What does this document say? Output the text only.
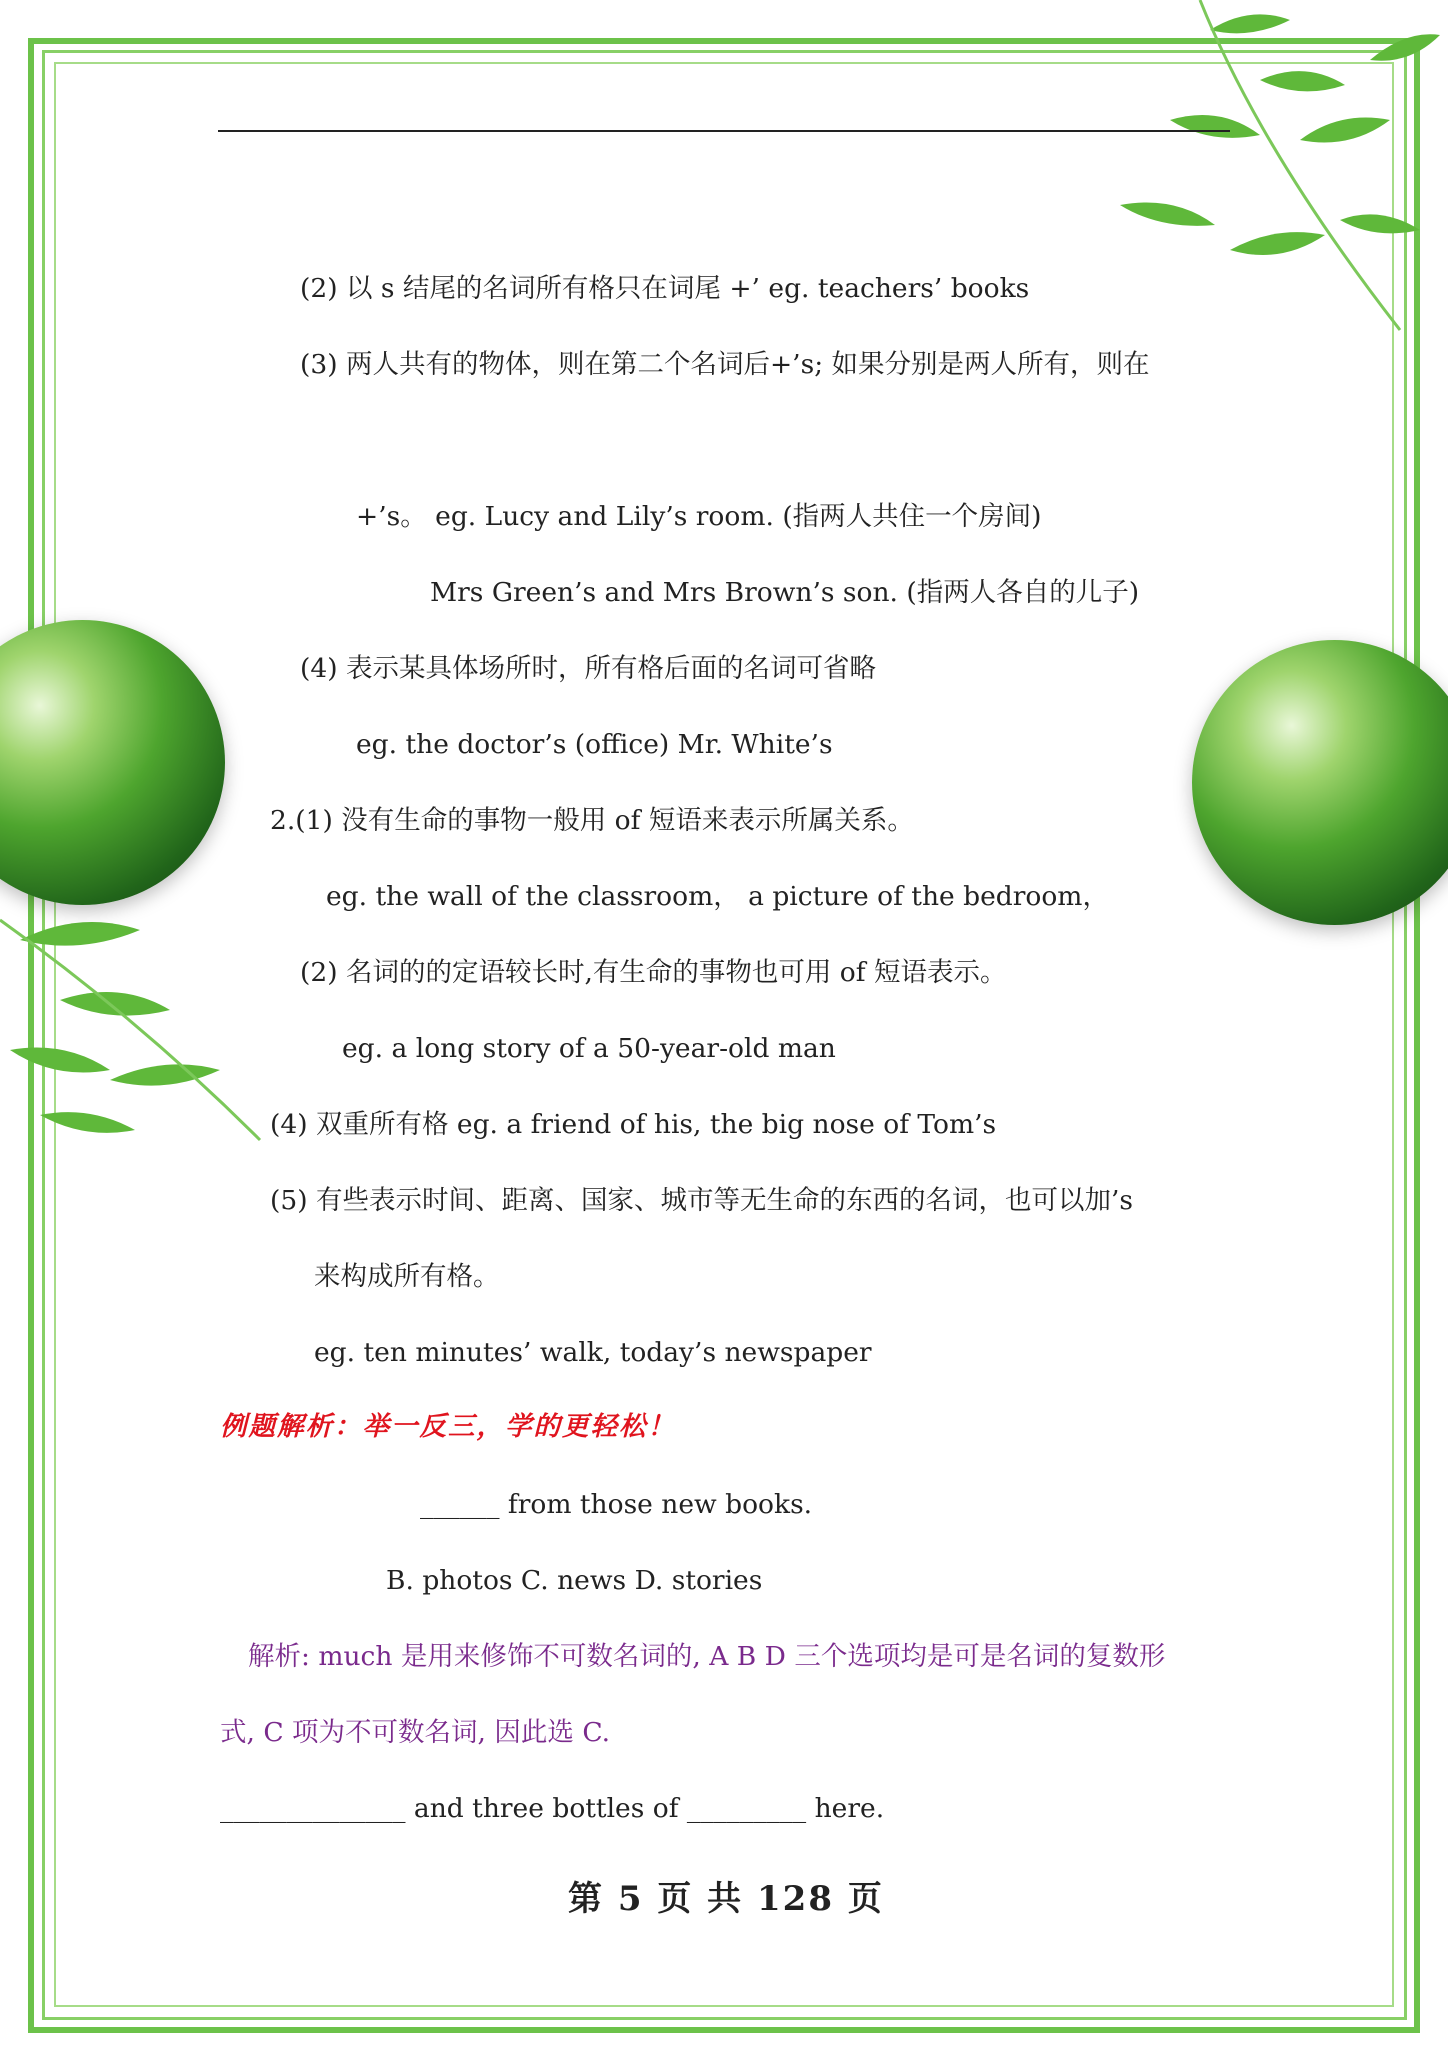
(2) 以 s 结尾的名词所有格只在词尾 +’ eg. teachers’ books
(3) 两人共有的物体，则在第二个名词后+’s; 如果分别是两人所有，则在
+’s。 eg. Lucy and Lily’s room. (指两人共住一个房间)
Mrs Green’s and Mrs Brown’s son. (指两人各自的儿子)
(4) 表示某具体场所时，所有格后面的名词可省略
eg. the doctor’s (office) Mr. White’s
2.(1) 没有生命的事物一般用 of 短语来表示所属关系。
eg. the wall of the classroom， a picture of the bedroom，
(2) 名词的的定语较长时,有生命的事物也可用 of 短语表示。
eg. a long story of a 50-year-old man
(4) 双重所有格 eg. a friend of his, the big nose of Tom’s
(5) 有些表示时间、距离、国家、城市等无生命的东西的名词，也可以加’s
来构成所有格。
eg. ten minutes’ walk, today’s newspaper
例题解析：举一反三，学的更轻松！
______ from those new books.
B. photos C. news D. stories
解析: much 是用来修饰不可数名词的, A B D 三个选项均是可是名词的复数形
式, C 项为不可数名词, 因此选 C.
______________ and three bottles of _________ here.
第 5 页 共 128 页
